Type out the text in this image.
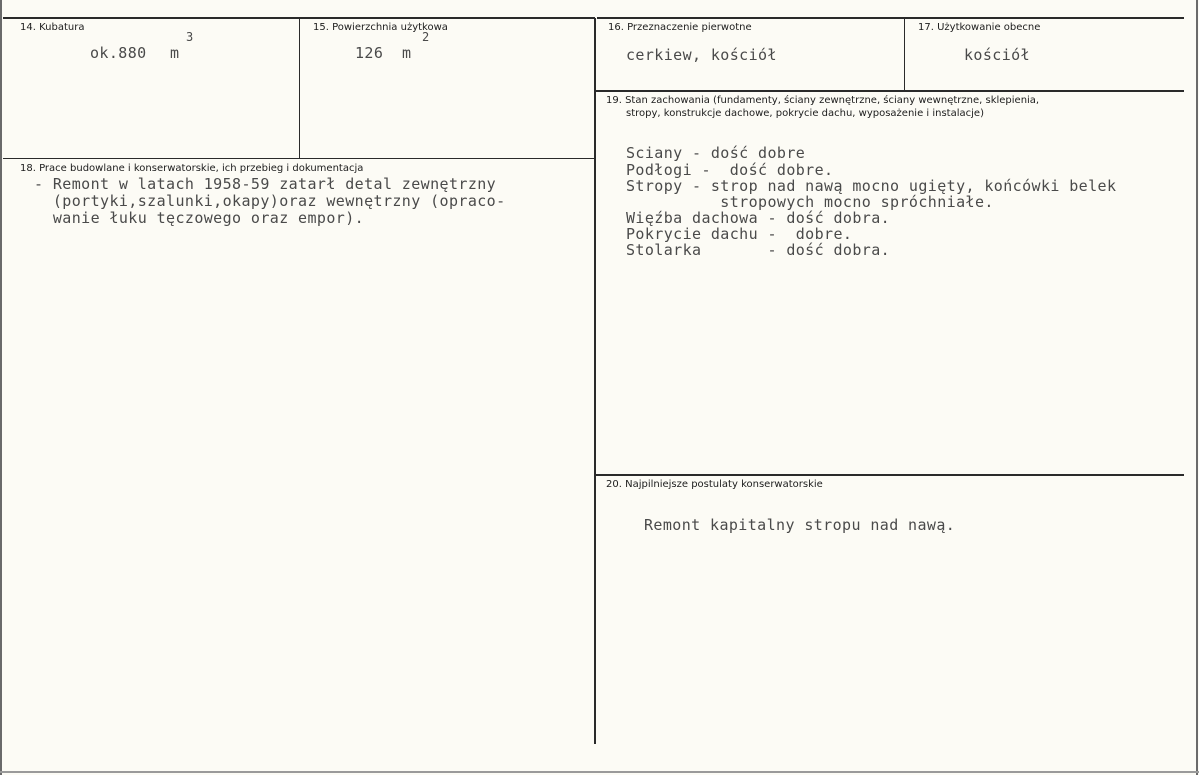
14. Kubatura
3
ok.880 m
15. Powierzchnia użytkowa
2
126 m
16. Przeznaczenie pierwotne
cerkiew, kościół
17. Użytkowanie obecne
kościół
18. Prace budowlane i konserwatorskie, ich przebieg i dokumentacja
- Remont w latach 1958-59 zatarł detal zewnętrzny
(portyki,szalunki,okapy)oraz wewnętrzny (opraco-
wanie łuku tęczowego oraz empor).
19. Stan zachowania (fundamenty, ściany zewnętrzne, ściany wewnętrzne, sklepienia,
stropy, konstrukcje dachowe, pokrycie dachu, wyposażenie i instalacje)
Sciany - dość dobre
Podłogi -  dość dobre.
Stropy - strop nad nawą mocno ugięty, końcówki belek
stropowych mocno spróchniałe.
Więźba dachowa - dość dobra.
Pokrycie dachu -  dobre.
Stolarka       - dość dobra.
20. Najpilniejsze postulaty konserwatorskie
Remont kapitalny stropu nad nawą.
